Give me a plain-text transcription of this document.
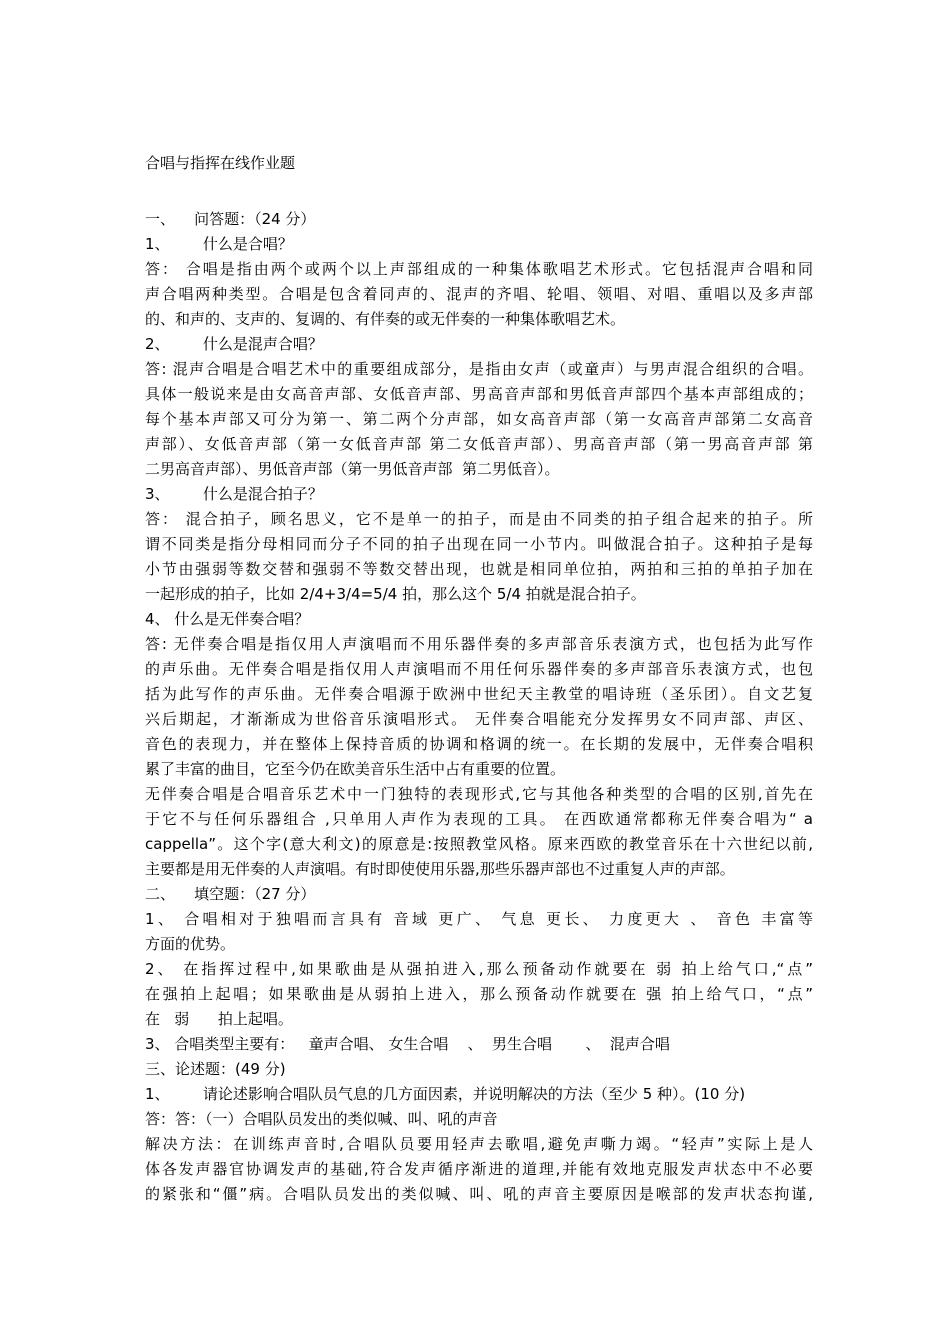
合唱与指挥在线作业题
一、    问答题：（24 分）
1、       什么是合唱？
答： 合唱是指由两个或两个以上声部组成的一种集体歌唱艺术形式。它包括混声合唱和同
声合唱两种类型。合唱是包含着同声的、混声的齐唱、轮唱、领唱、对唱、重唱以及多声部
的、和声的、支声的、复调的、有伴奏的或无伴奏的一种集体歌唱艺术。
2、       什么是混声合唱？
答: 混声合唱是合唱艺术中的重要组成部分，是指由女声（或童声）与男声混合组织的合唱。
具体一般说来是由女高音声部、女低音声部、男高音声部和男低音声部四个基本声部组成的；
每个基本声部又可分为第一、第二两个分声部，如女高音声部（第一女高音声部第二女高音
声部）、女低音声部（第一女低音声部 第二女低音声部）、男高音声部（第一男高音声部 第
二男高音声部）、男低音声部（第一男低音声部  第二男低音）。
3、       什么是混合拍子？
答： 混合拍子，顾名思义，它不是单一的拍子，而是由不同类的拍子组合起来的拍子。所
谓不同类是指分母相同而分子不同的拍子出现在同一小节内。叫做混合拍子。这种拍子是每
小节由强弱等数交替和强弱不等数交替出现，也就是相同单位拍，两拍和三拍的单拍子加在
一起形成的拍子，比如 2/4+3/4=5/4 拍，那么这个 5/4 拍就是混合拍子。
4、 什么是无伴奏合唱？
答: 无伴奏合唱是指仅用人声演唱而不用乐器伴奏的多声部音乐表演方式，也包括为此写作
的声乐曲。无伴奏合唱是指仅用人声演唱而不用任何乐器伴奏的多声部音乐表演方式，也包
括为此写作的声乐曲。无伴奏合唱源于欧洲中世纪天主教堂的唱诗班（圣乐团）。自文艺复
兴后期起，才渐渐成为世俗音乐演唱形式。 无伴奏合唱能充分发挥男女不同声部、声区、
音色的表现力，并在整体上保持音质的协调和格调的统一。在长期的发展中，无伴奏合唱积
累了丰富的曲目，它至今仍在欧美音乐生活中占有重要的位置。
无伴奏合唱是合唱音乐艺术中一门独特的表现形式,它与其他各种类型的合唱的区别,首先在
于它不与任何乐器组合 ,只单用人声作为表现的工具。 在西欧通常都称无伴奏合唱为“ a
cappella”。这个字(意大利文)的原意是:按照教堂风格。原来西欧的教堂音乐在十六世纪以前,
主要都是用无伴奏的人声演唱。有时即使使用乐器,那些乐器声部也不过重复人声的声部。
二、    填空题：（27 分）
1、 合唱相对于独唱而言具有 音域 更广、 气息 更长、 力度更大 、 音色 丰富等
方面的优势。
2、 在指挥过程中,如果歌曲是从强拍进入,那么预备动作就要在 弱 拍上给气口,“点”
在强拍上起唱；如果歌曲是从弱拍上进入，那么预备动作就要在 强 拍上给气口，“点”
在   弱      拍上起唱。
3、 合唱类型主要有：   童声合唱、 女生合唱    、  男生合唱       、  混声合唱
三、论述题：(49 分)
1、       请论述影响合唱队员气息的几方面因素，并说明解决的方法（至少 5 种）。(10 分)
答：答：（一）合唱队员发出的类似喊、叫、吼的声音
解决方法：在训练声音时,合唱队员要用轻声去歌唱,避免声嘶力竭。“轻声”实际上是人
体各发声器官协调发声的基础,符合发声循序渐进的道理,并能有效地克服发声状态中不必要
的紧张和“僵”病。合唱队员发出的类似喊、叫、吼的声音主要原因是喉部的发声状态拘谨,
